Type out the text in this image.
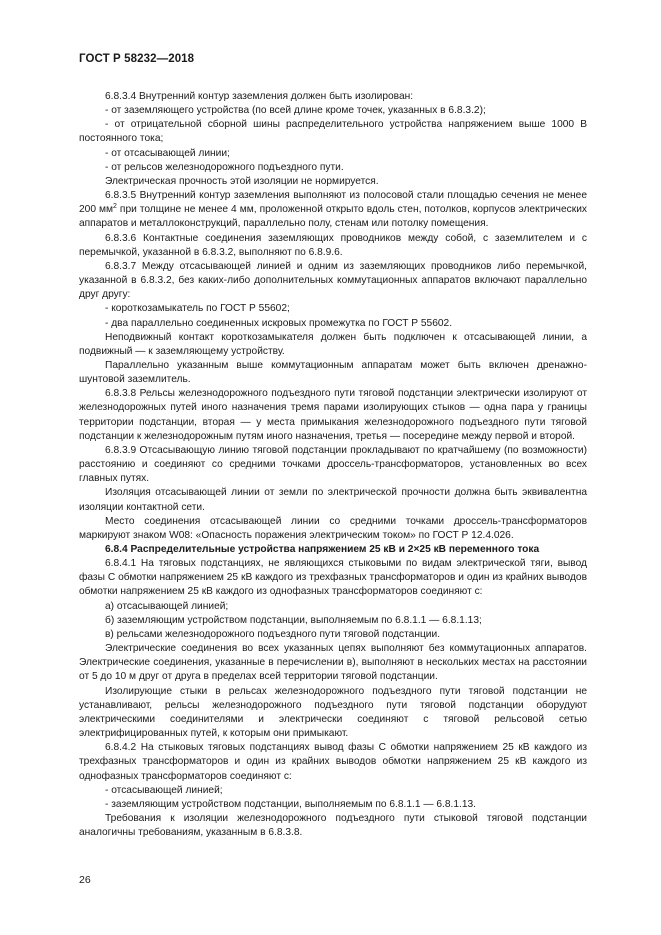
ГОСТ Р 58232—2018

6.8.3.4 Внутренний контур заземления должен быть изолирован:

- от заземляющего устройства (по всей длине кроме точек, указанных в 6.8.3.2);

- от отрицательной сборной шины распределительного устройства напряжением выше 1000 В постоянного тока;

- от отсасывающей линии;

- от рельсов железнодорожного подъездного пути.

Электрическая прочность этой изоляции не нормируется.

6.8.3.5 Внутренний контур заземления выполняют из полосовой стали площадью сечения не менее 200 $мм^2$ при толщине не менее 4 мм, проложенной открыто вдоль стен, потолков, корпусов электрических аппаратов и металлоконструкций, параллельно полу, стенам или потолку помещения.

6.8.3.6 Контактные соединения заземляющих проводников между собой, с заземлителем и с перемычкой, указанной в 6.8.3.2, выполняют по 6.8.9.6.

6.8.3.7 Между отсасывающей линией и одним из заземляющих проводников либо перемычкой, указанной в 6.8.3.2, без каких-либо дополнительных коммутационных аппаратов включают параллельно друг другу:

- короткозамыкатель по ГОСТ Р 55602;

- два параллельно соединенных искровых промежутка по ГОСТ Р 55602.

Неподвижный контакт короткозамыкателя должен быть подключен к отсасывающей линии, а подвижный — к заземляющему устройству.

Параллельно указанным выше коммутационным аппаратам может быть включен дренажно-шунтовой заземлитель.

6.8.3.8 Рельсы железнодорожного подъездного пути тяговой подстанции электрически изолируют от железнодорожных путей иного назначения тремя парами изолирующих стыков — одна пара у границы территории подстанции, вторая — у места примыкания железнодорожного подъездного пути тяговой подстанции к железнодорожным путям иного назначения, третья — посередине между первой и второй.

6.8.3.9 Отсасывающую линию тяговой подстанции прокладывают по кратчайшему (по возможности) расстоянию и соединяют со средними точками дроссель-трансформаторов, установленных во всех главных путях.

Изоляция отсасывающей линии от земли по электрической прочности должна быть эквивалентна изоляции контактной сети.

Место соединения отсасывающей линии со средними точками дроссель-трансформаторов маркируют знаком W08: «Опасность поражения электрическим током» по ГОСТ Р 12.4.026.

6.8.4 Распределительные устройства напряжением 25 кВ и 2×25 кВ переменного тока

6.8.4.1 На тяговых подстанциях, не являющихся стыковыми по видам электрической тяги, вывод фазы С обмотки напряжением 25 кВ каждого из трехфазных трансформаторов и один из крайних выводов обмотки напряжением 25 кВ каждого из однофазных трансформаторов соединяют с:

а) отсасывающей линией;

б) заземляющим устройством подстанции, выполняемым по 6.8.1.1 — 6.8.1.13;

в) рельсами железнодорожного подъездного пути тяговой подстанции.

Электрические соединения во всех указанных цепях выполняют без коммутационных аппаратов. Электрические соединения, указанные в перечислении в), выполняют в нескольких местах на расстоянии от 5 до 10 м друг от друга в пределах всей территории тяговой подстанции.

Изолирующие стыки в рельсах железнодорожного подъездного пути тяговой подстанции не устанавливают, рельсы железнодорожного подъездного пути тяговой подстанции оборудуют электрическими соединителями и электрически соединяют с тяговой рельсовой сетью электрифицированных путей, к которым они примыкают.

6.8.4.2 На стыковых тяговых подстанциях вывод фазы С обмотки напряжением 25 кВ каждого из трехфазных трансформаторов и один из крайних выводов обмотки напряжением 25 кВ каждого из однофазных трансформаторов соединяют с:

- отсасывающей линией;

- заземляющим устройством подстанции, выполняемым по 6.8.1.1 — 6.8.1.13.

Требования к изоляции железнодорожного подъездного пути стыковой тяговой подстанции аналогичны требованиям, указанным в 6.8.3.8.

26
